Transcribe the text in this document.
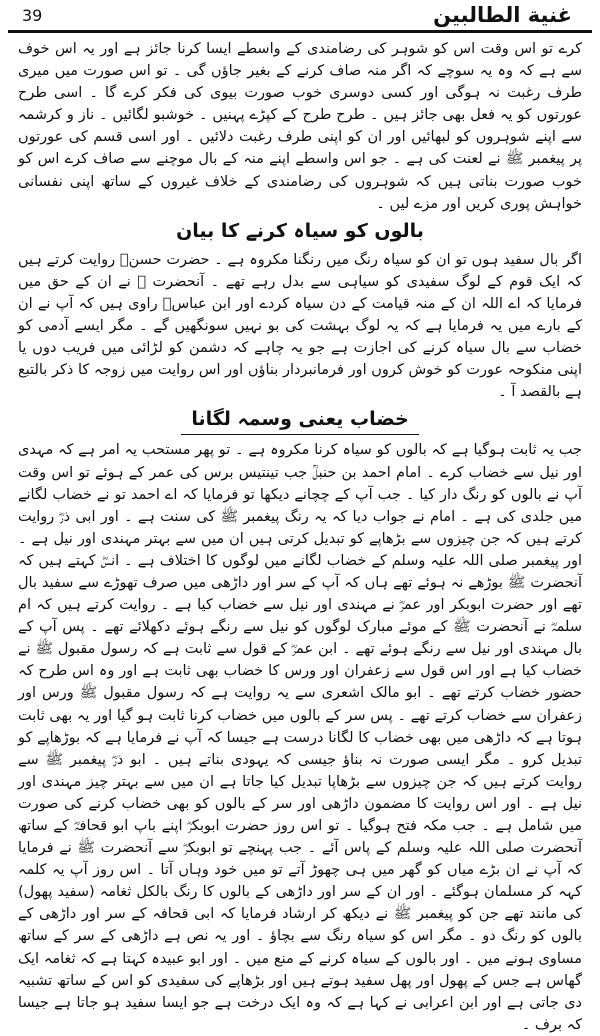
39	غنية الطالبين

کرے تو اس وقت اس کو شوہر کی رضامندی کے واسطے ایسا کرنا جائز ہے اور یہ اس خوف سے ہے کہ وہ یہ سوچے کہ اگر منہ صاف کرنے کے بغیر جاؤں گی ۔ تو اس صورت میں میری طرف رغبت نہ ہوگی اور کسی دوسری خوب صورت بیوی کی فکر کرے گا ۔ اسی طرح عورتوں کو یہ فعل بھی جائز ہیں ۔ طرح طرح کے کپڑے پہنیں ۔ خوشبو لگائیں ۔ ناز و کرشمہ سے اپنے شوہروں کو لبھائیں اور ان کو اپنی طرف رغبت دلائیں ۔ اور اسی قسم کی عورتوں پر پیغمبر ﷺ نے لعنت کی ہے ۔ جو اس واسطے اپنے منہ کے بال موچنے سے صاف کرے اس کو خوب صورت بناتی ہیں کہ شوہروں کی رضامندی کے خلاف غیروں کے ساتھ اپنی نفسانی خواہش پوری کریں اور مزے لیں ۔

بالوں کو سیاہ کرنے کا بیان

اگر بال سفید ہوں تو ان کو سیاہ رنگ میں رنگنا مکروہ ہے ۔ حضرت حسنؓ روایت کرتے ہیں کہ ایک قوم کے لوگ سفیدی کو سیاہی سے بدل رہے تھے ۔ آنحضرت ﷺ نے ان کے حق میں فرمایا کہ اے اللہ ان کے منہ قیامت کے دن سیاہ کردے اور ابن عباسؓ راوی ہیں کہ آپ نے ان کے بارے میں یہ فرمایا ہے کہ یہ لوگ بہشت کی بو نہیں سونگھیں گے ۔ مگر ایسے آدمی کو خضاب سے بال سیاہ کرنے کی اجازت ہے جو یہ چاہے کہ دشمن کو لڑائی میں فریب دوں یا اپنی منکوحہ عورت کو خوش کروں اور فرمانبردار بناؤں اور اس روایت میں زوجہ کا ذکر بالتبع ہے بالقصد آ ۔

خضاب یعنی وسمہ لگانا

جب یہ ثابت ہوگیا ہے کہ بالوں کو سیاہ کرنا مکروہ ہے ۔ تو پھر مستحب یہ امر ہے کہ مہدی اور نیل سے خضاب کرے ۔ امام احمد بن حنبلؒ جب تینتیس برس کی عمر کے ہوئے تو اس وقت آپ نے بالوں کو رنگ دار کیا ۔ جب آپ کے چچانے دیکھا تو فرمایا کہ اے احمد تو نے خضاب لگانے میں جلدی کی ہے ۔ امام نے جواب دیا کہ یہ رنگ پیغمبر ﷺ کی سنت ہے ۔ اور ابی ذرؓ روایت کرتے ہیں کہ جن چیزوں سے بڑھاپے کو تبدیل کرتی ہیں ان میں سے بہتر مہندی اور نیل ہے ۔ اور پیغمبر صلی اللہ علیہ وسلم کے خضاب لگانے میں لوگوں کا اختلاف ہے ۔ انسؓ کہتے ہیں کہ آنحضرت ﷺ بوڑھے نہ ہوئے تھے ہاں کہ آپ کے سر اور داڑھی میں صرف تھوڑے سے سفید بال تھے اور حضرت ابوبکر اور عمرؓ نے مہندی اور نیل سے خضاب کیا ہے ۔ روایت کرتے ہیں کہ ام سلمہؓ نے آنحضرت ﷺ کے موئے مبارک لوگوں کو نیل سے رنگے ہوئے دکھلائے تھے ۔ پس آپ کے بال مہندی اور نیل سے رنگے ہوئے تھے ۔ ابن عمرؓ کے قول سے ثابت ہے کہ رسول مقبول ﷺ نے خضاب کیا ہے اور اس قول سے زعفران اور ورس کا خضاب بھی ثابت ہے اور وہ اس طرح کہ حضور خضاب کرتے تھے ۔ ابو مالک اشعری سے یہ روایت ہے کہ رسول مقبول ﷺ ورس اور زعفران سے خضاب کرتے تھے ۔ پس سر کے بالوں میں خضاب کرنا ثابت ہو گیا اور یہ بھی ثابت ہوتا ہے کہ داڑھی میں بھی خضاب کا لگانا درست ہے جیسا کہ آپ نے فرمایا ہے کہ بوڑھاپے کو تبدیل کرو ۔ مگر ایسی صورت نہ بناؤ جیسی کہ یہودی بناتے ہیں ۔ ابو ذرؓ پیغمبر ﷺ سے روایت کرتے ہیں کہ جن چیزوں سے بڑھاپا تبدیل کیا جاتا ہے ان میں سے بہتر چیز مہندی اور نیل ہے ۔ اور اس روایت کا مضمون داڑھی اور سر کے بالوں کو بھی خضاب کرنے کی صورت میں شامل ہے ۔ جب مکہ فتح ہوگیا ۔ تو اس روز حضرت ابوبکرؓ اپنے باپ ابو قحافہؓ کے ساتھ آنحضرت صلی اللہ علیہ وسلم کے پاس آئے ۔ جب پہنچے تو ابوبکرؓ سے آنحضرت ﷺ نے فرمایا کہ آپ نے ان بڑے میاں کو گھر میں ہی چھوڑ آتے تو میں خود وہاں آتا ۔ اس روز آپ یہ کلمہ کہہ کر مسلمان ہوگئے ۔ اور ان کے سر اور داڑھی کے بالوں کا رنگ بالکل ثغامہ (سفید پھول) کی مانند تھے جن کو پیغمبر ﷺ نے دیکھ کر ارشاد فرمایا کہ ابی قحافہ کے سر اور داڑھی کے بالوں کو رنگ دو ۔ مگر اس کو سیاہ رنگ سے بچاؤ ۔ اور یہ نص ہے داڑھی کے سر کے ساتھ مساوی ہونے میں ۔ اور بالوں کے سیاہ کرنے کے منع میں ۔ اور ابو عبیدہ کہتا ہے کہ ثغامہ ایک گھاس ہے جس کے پھول اور پھل سفید ہوتے ہیں اور بڑھاپے کی سفیدی کو اس کے ساتھ تشبیہ دی جاتی ہے اور ابن اعرابی نے کہا ہے کہ وہ ایک درخت ہے جو ایسا سفید ہو جاتا ہے جیسا کہ برف ۔
